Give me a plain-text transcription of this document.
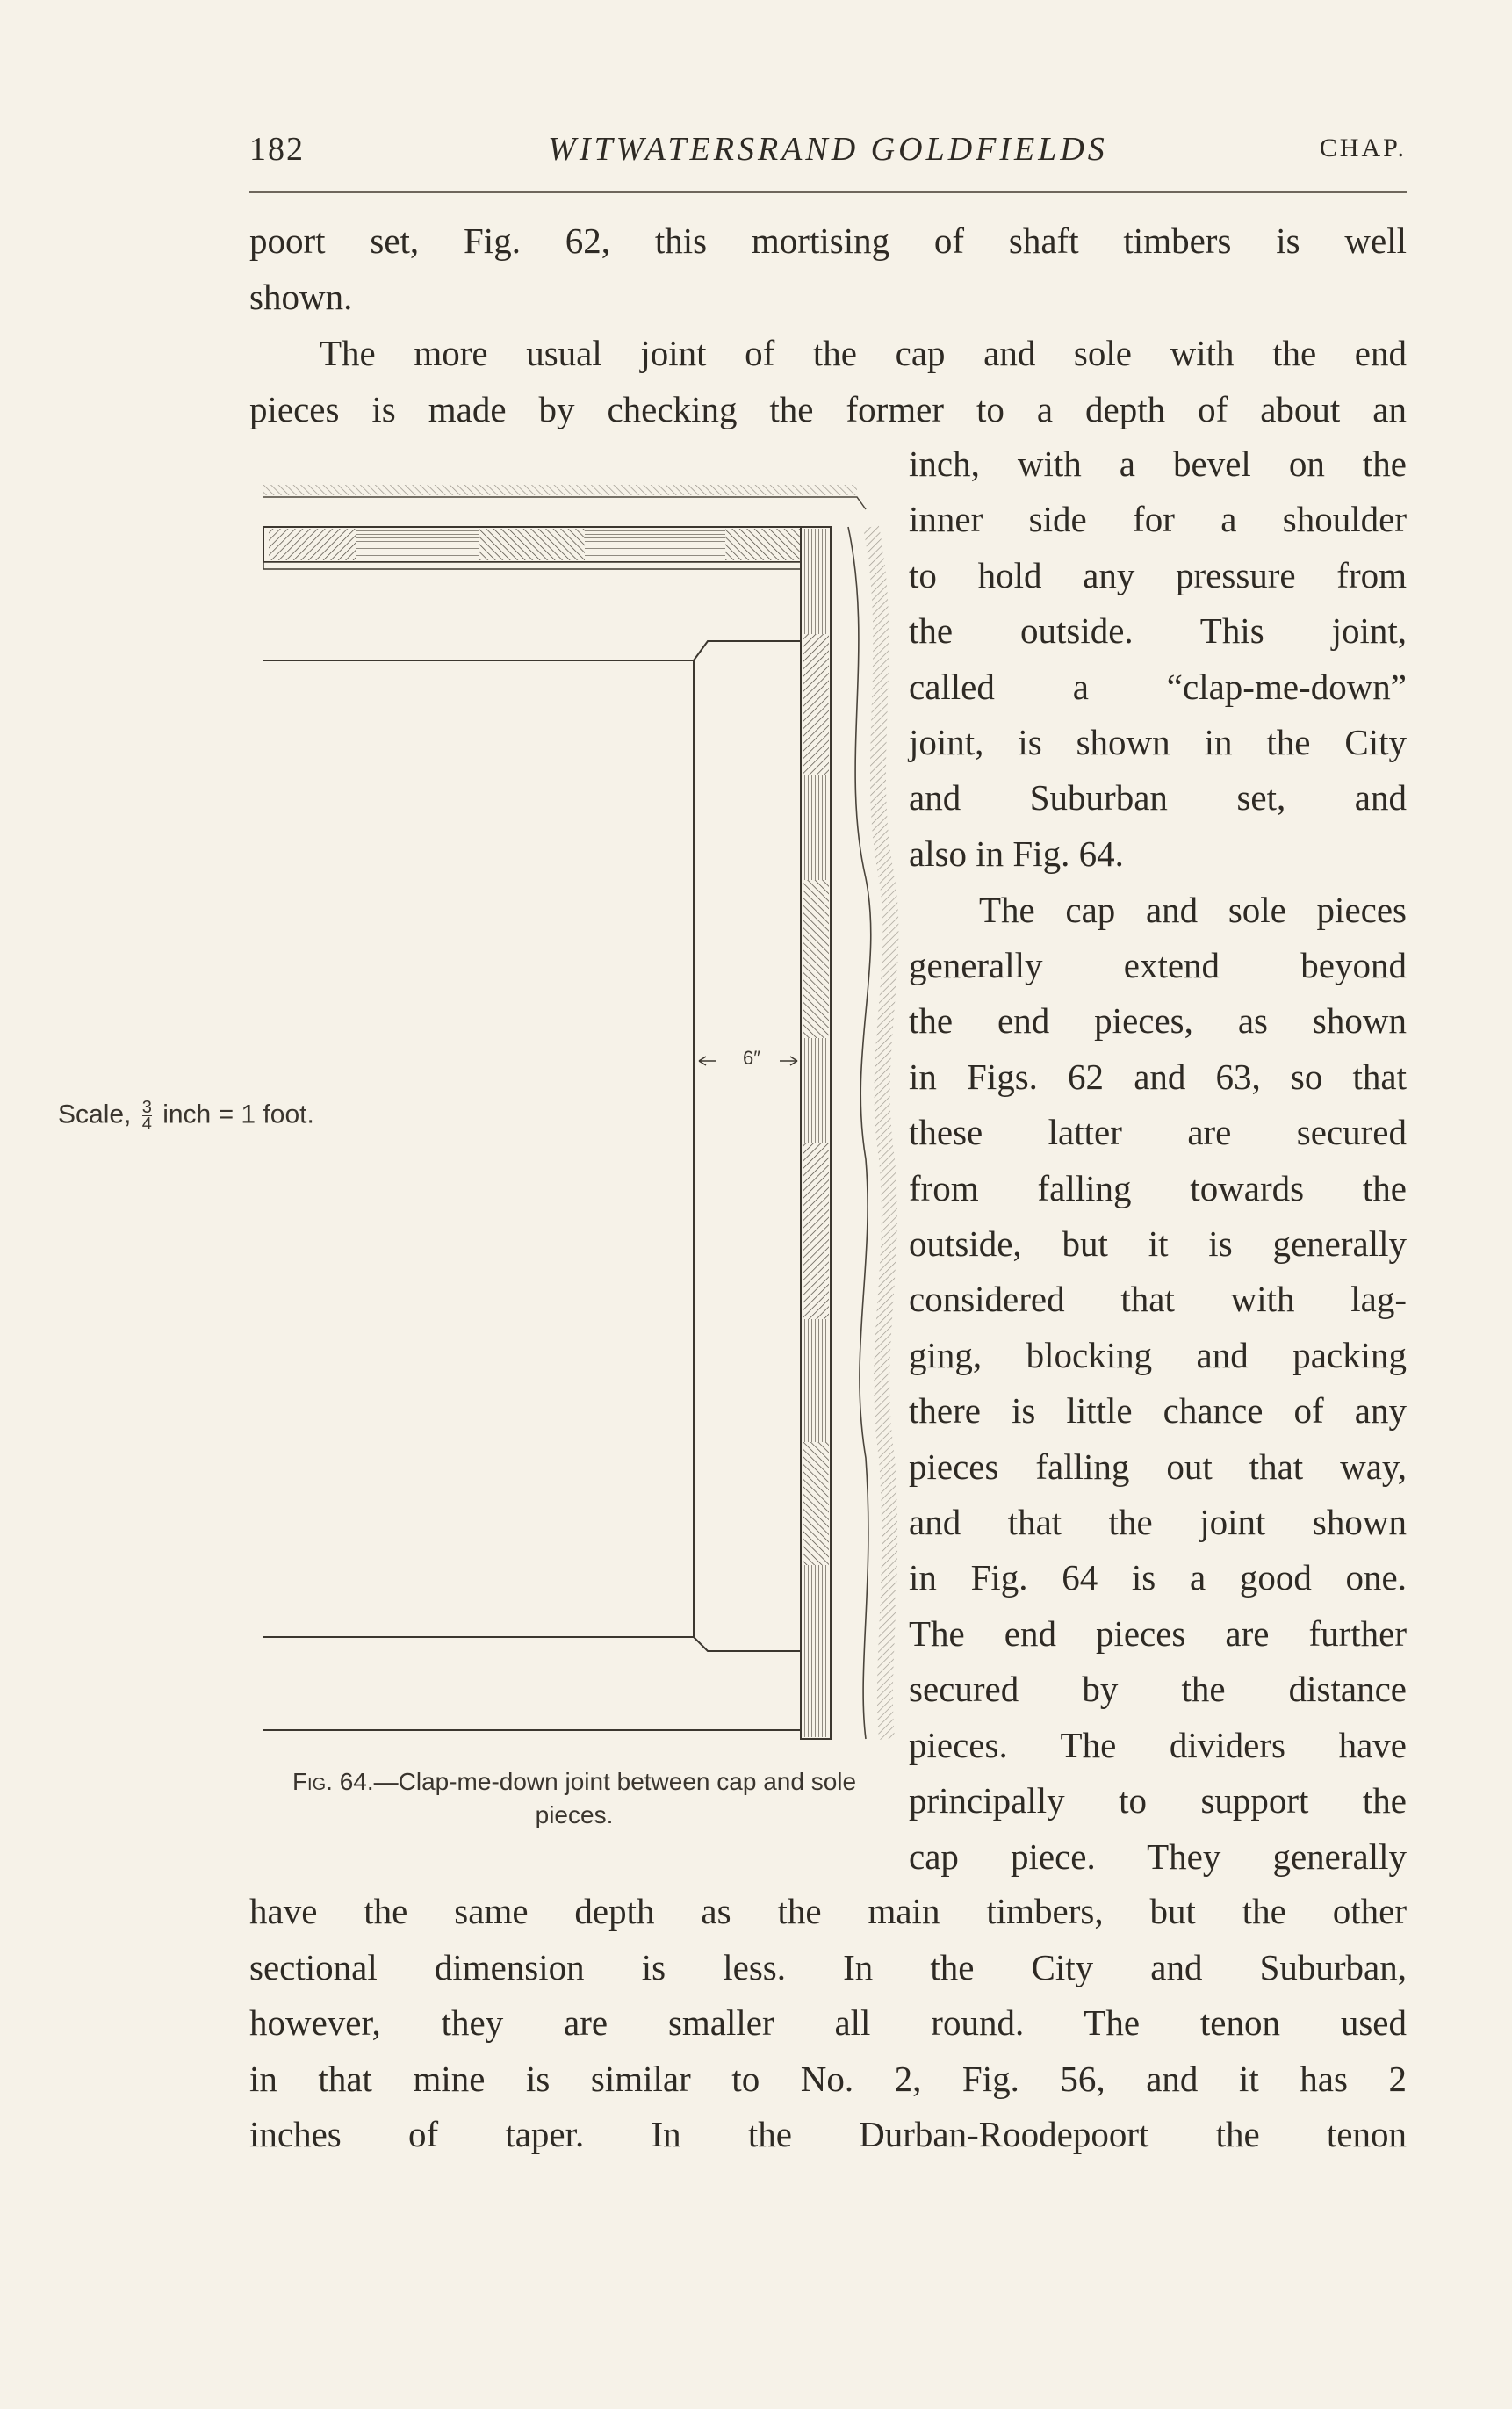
182	WITWATERSRAND GOLDFIELDS	CHAP.
poort set, Fig. 62, this mortising of shaft timbers is well
shown.
The more usual joint of the cap and sole with the end
pieces is made by checking the former to a depth of about an
inch, with a bevel on the
inner side for a shoulder
to hold any pressure from
the outside. This joint,
called a “clap-me-down”
joint, is shown in the City
and Suburban set, and
also in Fig. 64.
The cap and sole pieces
generally extend beyond
the end pieces, as shown
in Figs. 62 and 63, so that
these latter are secured
from falling towards the
outside, but it is generally
considered that with lag-
ging, blocking and packing
there is little chance of any
pieces falling out that way,
and that the joint shown
in Fig. 64 is a good one.
The end pieces are further
secured by the distance
pieces. The dividers have
principally to support the
cap piece. They generally
have the same depth as the main timbers, but the other
sectional dimension is less. In the City and Suburban,
however, they are smaller all round. The tenon used
in that mine is similar to No. 2, Fig. 56, and it has 2
inches of taper. In the Durban-Roodepoort the tenon
6″
Scale, $\frac{3}{4}$ inch = 1 foot.
Fig. 64.—Clap-me-down joint between cap and sole pieces.
